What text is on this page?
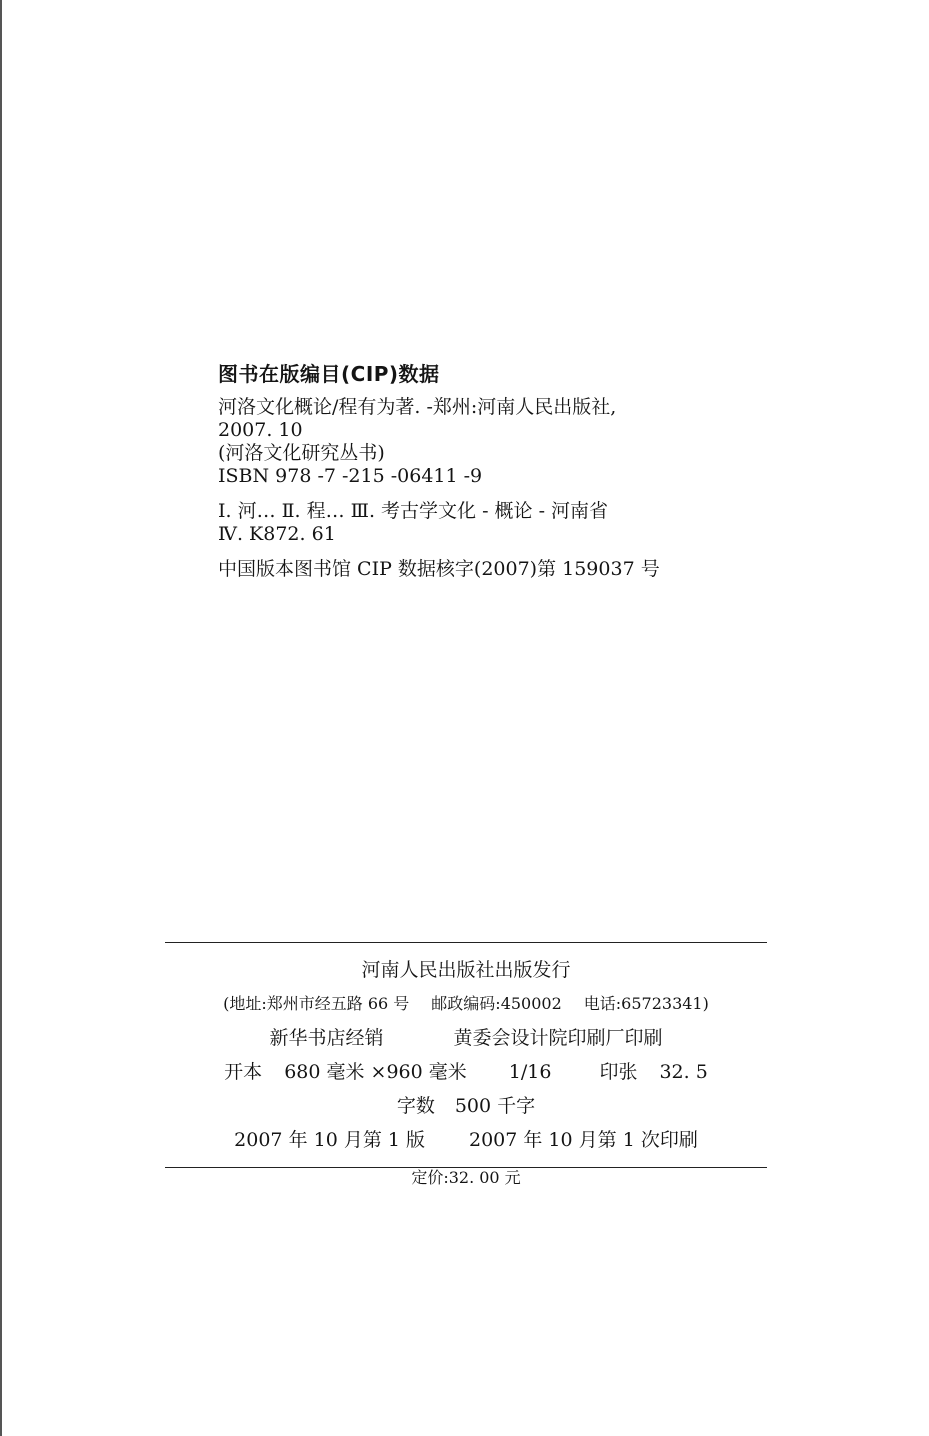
图书在版编目(CIP)数据

河洛文化概论/程有为著. -郑州:河南人民出版社,

2007. 10

(河洛文化研究丛书)

ISBN 978 -7 -215 -06411 -9

Ⅰ. 河… Ⅱ. 程… Ⅲ. 考古学文化 - 概论 - 河南省

Ⅳ. K872. 61

中国版本图书馆 CIP 数据核字(2007)第 159037 号

河南人民出版社出版发行

(地址:郑州市经五路 66 号 邮政编码:450002 电话:65723341)

新华书店经销	黄委会设计院印刷厂印刷

开本 680 毫米 ×960 毫米 1/16	印张 32. 5

字数 500 千字

2007 年 10 月第 1 版 2007 年 10 月第 1 次印刷

定价:32. 00 元
